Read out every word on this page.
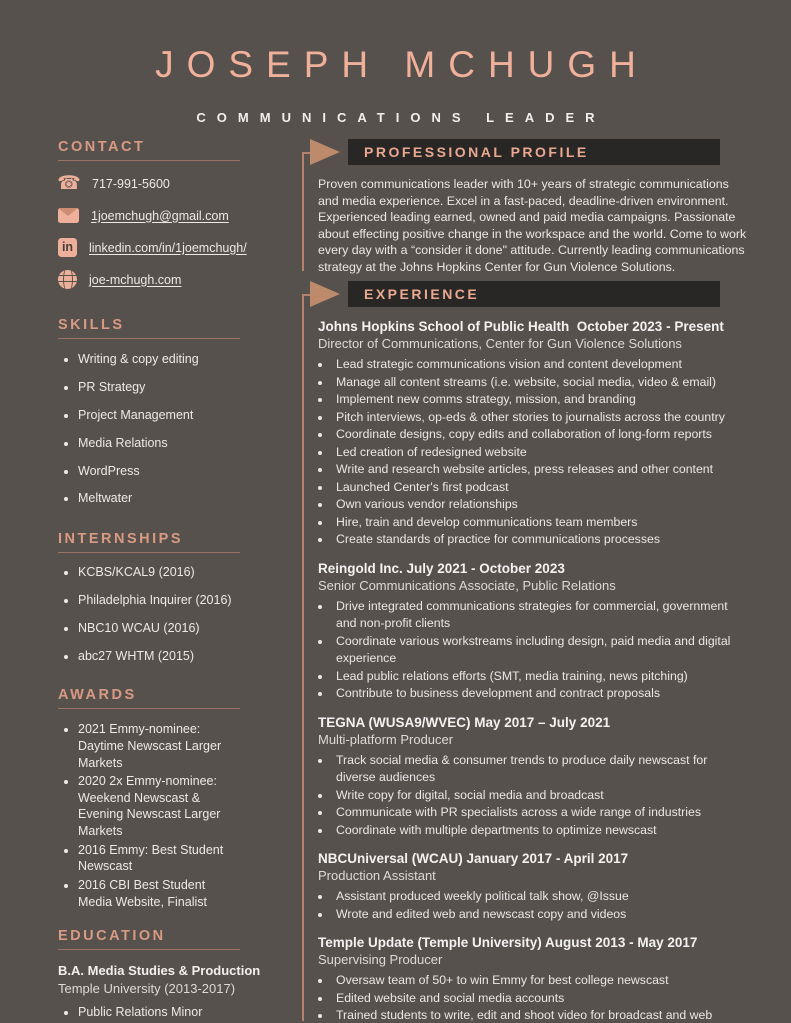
JOSEPH MCHUGH
COMMUNICATIONS LEADER
CONTACT
☎
717-991-5600
1joemchugh@gmail.com
in
linkedin.com/in/1joemchugh/
joe-mchugh.com
SKILLS
• Writing & copy editing
• PR Strategy
• Project Management
• Media Relations
• WordPress
• Meltwater
INTERNSHIPS
• KCBS/KCAL9 (2016)
• Philadelphia Inquirer (2016)
• NBC10 WCAU (2016)
• abc27 WHTM (2015)
AWARDS
• 2021 Emmy-nominee: Daytime Newscast Larger Markets
• 2020 2x Emmy-nominee: Weekend Newscast & Evening Newscast Larger Markets
• 2016 Emmy: Best Student Newscast
• 2016 CBI Best Student Media Website, Finalist
EDUCATION
B.A. Media Studies & Production
Temple University (2013-2017)
• Public Relations Minor
PROFESSIONAL PROFILE
Proven communications leader with 10+ years of strategic communications and media experience. Excel in a fast-paced, deadline-driven environment. Experienced leading earned, owned and paid media campaigns. Passionate about effecting positive change in the workspace and the world. Come to work every day with a “consider it done" attitude. Currently leading communications strategy at the Johns Hopkins Center for Gun Violence Solutions.
EXPERIENCE
Johns Hopkins School of Public Health  October 2023 - Present
Director of Communications, Center for Gun Violence Solutions
• Lead strategic communications vision and content development
• Manage all content streams (i.e. website, social media, video & email)
• Implement new comms strategy, mission, and branding
• Pitch interviews, op-eds & other stories to journalists across the country
• Coordinate designs, copy edits and collaboration of long-form reports
• Led creation of redesigned website
• Write and research website articles, press releases and other content
• Launched Center's first podcast
• Own various vendor relationships
• Hire, train and develop communications team members
• Create standards of practice for communications processes
Reingold Inc. July 2021 - October 2023
Senior Communications Associate, Public Relations
• Drive integrated communications strategies for commercial, government and non-profit clients
• Coordinate various workstreams including design, paid media and digital experience
• Lead public relations efforts (SMT, media training, news pitching)
• Contribute to business development and contract proposals
TEGNA (WUSA9/WVEC) May 2017 – July 2021
Multi-platform Producer
• Track social media & consumer trends to produce daily newscast for diverse audiences
• Write copy for digital, social media and broadcast
• Communicate with PR specialists across a wide range of industries
• Coordinate with multiple departments to optimize newscast
NBCUniversal (WCAU) January 2017 - April 2017
Production Assistant
• Assistant produced weekly political talk show, @Issue
• Wrote and edited web and newscast copy and videos
Temple Update (Temple University) August 2013 - May 2017
Supervising Producer
• Oversaw team of 50+ to win Emmy for best college newscast
• Edited website and social media accounts
• Trained students to write, edit and shoot video for broadcast and web
